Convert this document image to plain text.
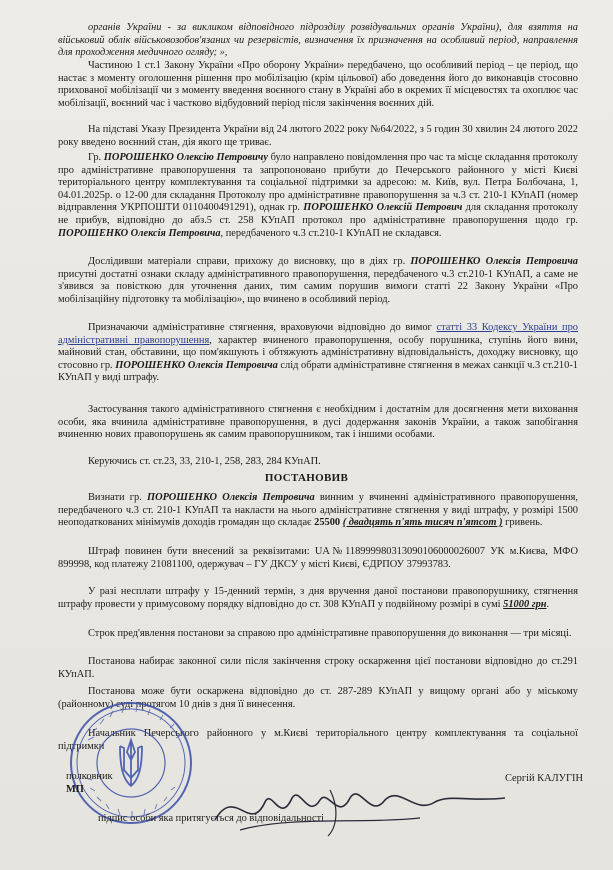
органів України - за викликом відповідного підрозділу розвідувальних органів України), для взяття на військовий облік військовозобов'язаних чи резервістів, визначення їх призначення на особливий період, направлення для проходження медичного огляду; »,

Частиною 1 ст.1 Закону України «Про оборону України» передбачено, що особливий період – це період, що настає з моменту оголошення рішення про мобілізацію (крім цільової) або доведення його до виконавців стосовно прихованої мобілізації чи з моменту введення воєнного стану в Україні або в окремих її місцевостях та охоплює час мобілізації, воєнний час і частково відбудовний період після закінчення воєнних дій.

На підставі Указу Президента України від 24 лютого 2022 року №64/2022, з 5 годин 30 хвилин 24 лютого 2022 року введено воєнний стан, дія якого ще триває.

Гр. ПОРОШЕНКО Олексію Петровичу було направлено повідомлення про час та місце складання протоколу про адміністративне правопорушення та запропоновано прибути до Печерського районного у місті Києві територіального центру комплектування та соціальної підтримки за адресою: м. Київ, вул. Петра Болбочана, 1, 04.01.2025р. о 12-00 для складання Протоколу про адміністративне правопорушення за ч.3 ст. 210-1 КУпАП (номер відправлення УКРПОШТИ 0110400491291), однак гр. ПОРОШЕНКО Олексій Петрович для складання протоколу не прибув, відповідно до абз.5 ст. 258 КУпАП протокол про адміністративне правопорушення щодо гр. ПОРОШЕНКО Олексія Петровича, передбаченого ч.3 ст.210-1 КУпАП не складався.

Дослідивши матеріали справи, прихожу до висновку, що в діях гр. ПОРОШЕНКО Олексія Петровича присутні достатні ознаки складу адміністративного правопорушення, передбаченого ч.3 ст.210-1 КУпАП, а саме не з'явився за повісткою для уточнення даних, тим самим порушив вимоги статті 22 Закону України «Про мобілізаційну підготовку та мобілізацію», що вчинено в особливий період.

Призначаючи адміністративне стягнення, враховуючи відповідно до вимог статті 33 Кодексу України про адміністративні правопорушення, характер вчиненого правопорушення, особу порушника, ступінь його вини, майновий стан, обставини, що пом'якшують і обтяжують адміністративну відповідальність, доходжу висновку, що стосовно гр. ПОРОШЕНКО Олексія Петровича слід обрати адміністративне стягнення в межах санкції ч.3 ст.210-1 КУпАП у виді штрафу.

Застосування такого адміністративного стягнення є необхідним і достатнім для досягнення мети виховання особи, яка вчинила адміністративне правопорушення, в дусі додержання законів України, а також запобігання вчиненню нових правопорушень як самим правопорушником, так і іншими особами.

Керуючись ст. ст.23, 33, 210-1, 258, 283, 284 КУпАП.

ПОСТАНОВИВ

Визнати гр. ПОРОШЕНКО Олексія Петровича винним у вчиненні адміністративного правопорушення, передбаченого ч.3 ст. 210-1 КУпАП та накласти на нього адміністративне стягнення у виді штрафу, у розмірі 1500 неоподаткованих мінімумів доходів громадян що складає 25500 ( двадцять п'ять тисяч п'ятсот ) гривень.

Штраф повинен бути внесений за реквізитами: UA№118999980313090106000026007 УК м.Києва, МФО 899998, код платежу 21081100, одержувач – ГУ ДКСУ у місті Києві, ЄДРПОУ 37993783.

У разі несплати штрафу у 15-денний термін, з дня вручення даної постанови правопорушнику, стягнення штрафу провести у примусовому порядку відповідно до ст. 308 КУпАП у подвійному розмірі в сумі 51000 грн.

Строк пред'явлення постанови за справою про адміністративне правопорушення до виконання — три місяці.

Постанова набирає законної сили після закінчення строку оскарження цієї постанови відповідно до ст.291 КУпАП.

Постанова може бути оскаржена відповідно до ст. 287-289 КУпАП у вищому органі або у міському (районному) суді протягом 10 днів з дня її винесення.

Начальник Печерського районного у м.Києві територіального центру комплектування та соціальної підтримки

полковник
МП
Сергій КАЛУГІН
підпис особи яка притягується до відповідальності
